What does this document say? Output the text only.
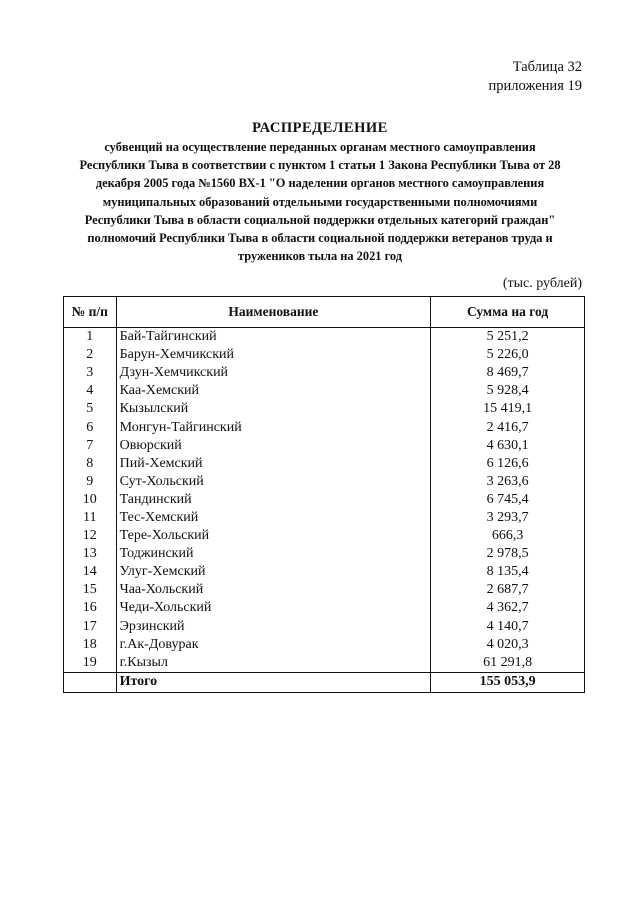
Таблица 32
приложения 19
РАСПРЕДЕЛЕНИЕ
субвенций на осуществление переданных органам местного самоуправления
Республики Тыва в соответствии с пунктом 1 статьи 1 Закона Республики Тыва от 28
декабря 2005 года №1560 ВХ-1 "О наделении органов местного самоуправления
муниципальных образований отдельными государственными полномочиями
Республики Тыва в области социальной поддержки отдельных категорий граждан"
полномочий Республики Тыва в области социальной поддержки ветеранов труда и
тружеников тыла на 2021 год
(тыс. рублей)
№ п/п	Наименование	Сумма на год
1	Бай-Тайгинский	5 251,2
2	Барун-Хемчикский	5 226,0
3	Дзун-Хемчикский	8 469,7
4	Каа-Хемский	5 928,4
5	Кызылский	15 419,1
6	Монгун-Тайгинский	2 416,7
7	Овюрский	4 630,1
8	Пий-Хемский	6 126,6
9	Сут-Хольский	3 263,6
10	Тандинский	6 745,4
11	Тес-Хемский	3 293,7
12	Тере-Хольский	666,3
13	Тоджинский	2 978,5
14	Улуг-Хемский	8 135,4
15	Чаа-Хольский	2 687,7
16	Чеди-Хольский	4 362,7
17	Эрзинский	4 140,7
18	г.Ак-Довурак	4 020,3
19	г.Кызыл	61 291,8
	Итого	155 053,9
